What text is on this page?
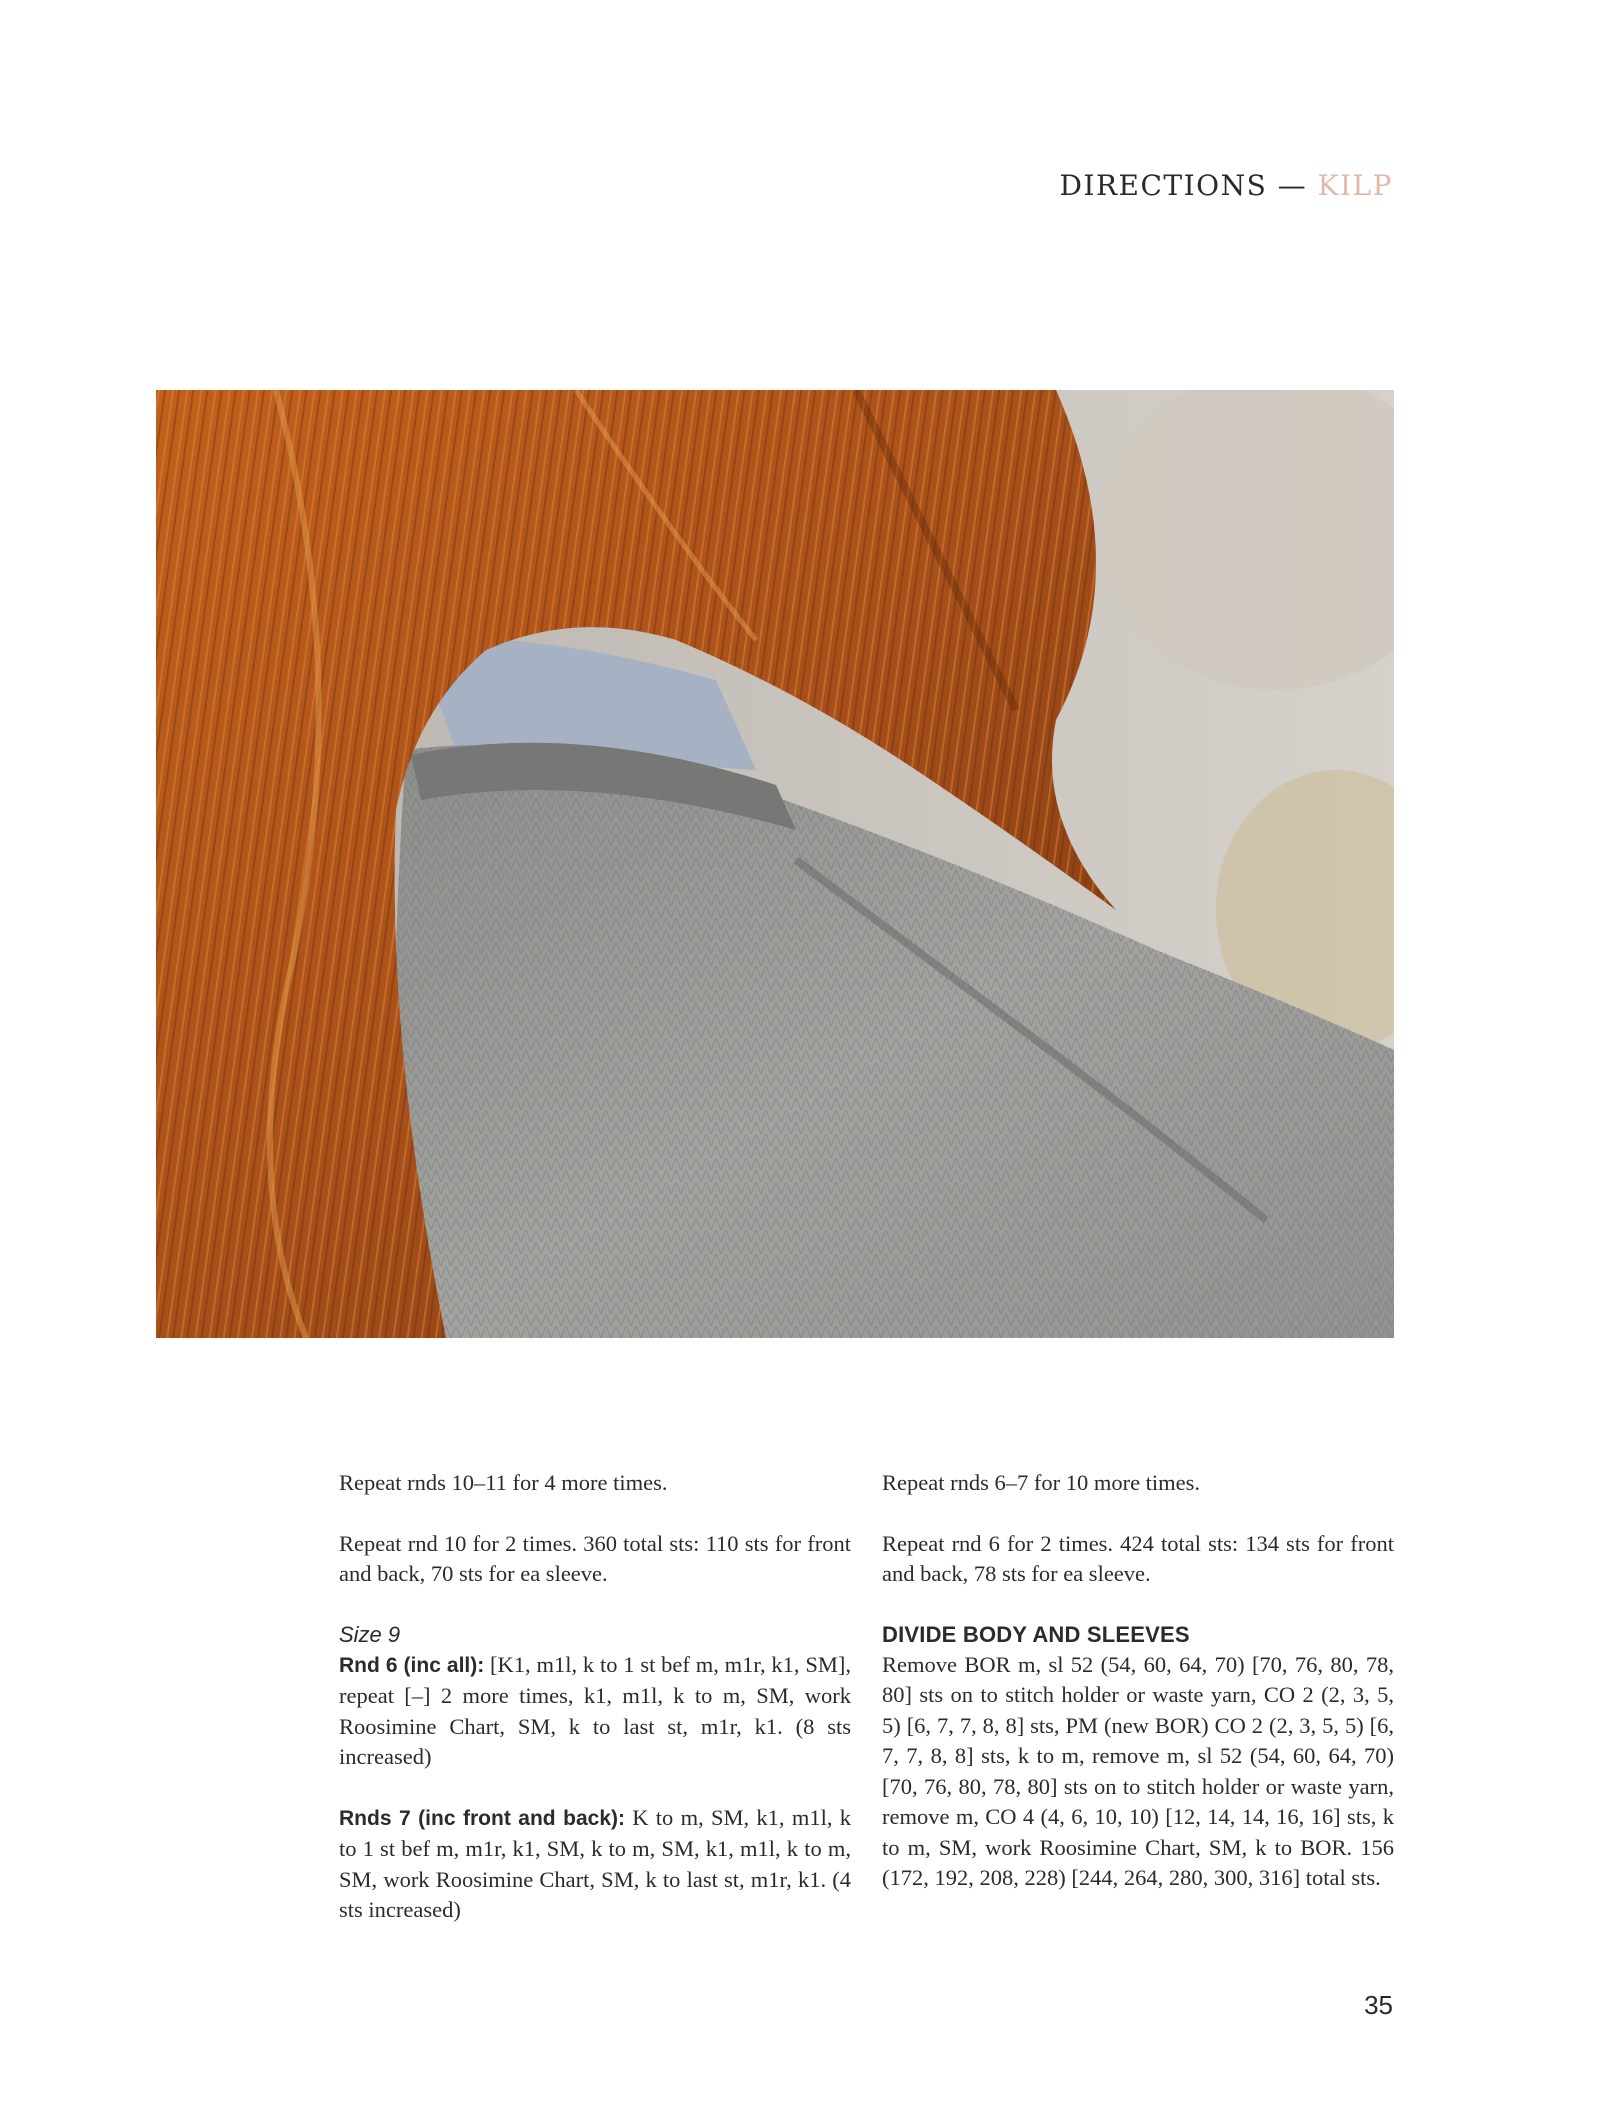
DIRECTIONS — KILP

Repeat rnds 10–11 for 4 more times.

Repeat rnd 10 for 2 times. 360 total sts: 110 sts for front and back, 70 sts for ea sleeve.

Size 9

Rnd 6 (inc all): [K1, m1l, k to 1 st bef m, m1r, k1, SM], repeat [–] 2 more times, k1, m1l, k to m, SM, work Roosimine Chart, SM, k to last st, m1r, k1. (8 sts increased)

Rnds 7 (inc front and back): K to m, SM, k1, m1l, k to 1 st bef m, m1r, k1, SM, k to m, SM, k1, m1l, k to m, SM, work Roosimine Chart, SM, k to last st, m1r, k1. (4 sts increased)

Repeat rnds 6–7 for 10 more times.

Repeat rnd 6 for 2 times. 424 total sts: 134 sts for front and back, 78 sts for ea sleeve.

DIVIDE BODY AND SLEEVES

Remove BOR m, sl 52 (54, 60, 64, 70) [70, 76, 80, 78, 80] sts on to stitch holder or waste yarn, CO 2 (2, 3, 5, 5) [6, 7, 7, 8, 8] sts, PM (new BOR) CO 2 (2, 3, 5, 5) [6, 7, 7, 8, 8] sts, k to m, remove m, sl 52 (54, 60, 64, 70) [70, 76, 80, 78, 80] sts on to stitch holder or waste yarn, remove m, CO 4 (4, 6, 10, 10) [12, 14, 14, 16, 16] sts, k to m, SM, work Roosimine Chart, SM, k to BOR. 156 (172, 192, 208, 228) [244, 264, 280, 300, 316] total sts.

35
